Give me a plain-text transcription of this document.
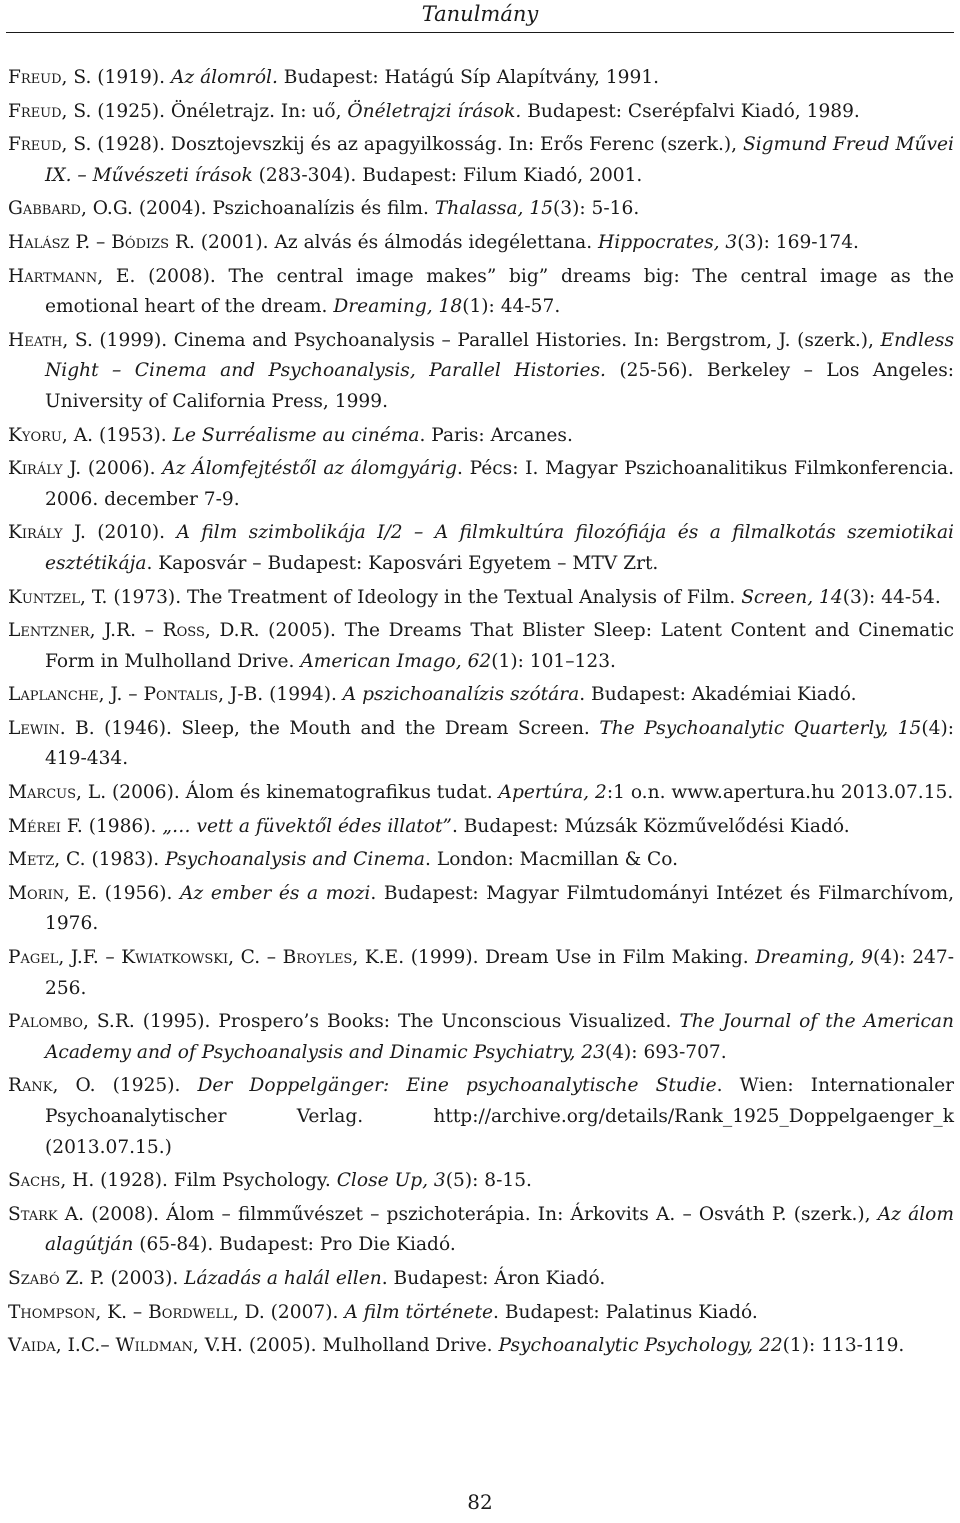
Tanulmány

Freud, S. (1919). Az álomról. Budapest: Hatágú Síp Alapítvány, 1991.

Freud, S. (1925). Önéletrajz. In: uő, Önéletrajzi írások. Budapest: Cserépfalvi Kiadó, 1989.

Freud, S. (1928). Dosztojevszkij és az apagyilkosság. In: Erős Ferenc (szerk.), Sigmund Freud Művei IX. – Művészeti írások (283-304). Budapest: Filum Kiadó, 2001.

Gabbard, O.G. (2004). Pszichoanalízis és film. Thalassa, 15(3): 5-16.

Halász P. – Bódizs R. (2001). Az alvás és álmodás idegélettana. Hippocrates, 3(3): 169-174.

Hartmann, E. (2008). The central image makes” big” dreams big: The central image as the emotional heart of the dream. Dreaming, 18(1): 44-57.

Heath, S. (1999). Cinema and Psychoanalysis – Parallel Histories. In: Bergstrom, J. (szerk.), Endless Night – Cinema and Psychoanalysis, Parallel Histories. (25-56). Berkeley – Los Angeles: University of California Press, 1999.

Kyoru, A. (1953). Le Surréalisme au cinéma. Paris: Arcanes.

Király J. (2006). Az Álomfejtéstől az álomgyárig. Pécs: I. Magyar Pszichoanalitikus Filmkonferencia. 2006. december 7-9.

Király J. (2010). A film szimbolikája I/2 – A filmkultúra filozófiája és a filmalkotás szemiotikai esztétikája. Kaposvár – Budapest: Kaposvári Egyetem – MTV Zrt.

Kuntzel, T. (1973). The Treatment of Ideology in the Textual Analysis of Film. Screen, 14(3): 44-54.

Lentzner, J.R. – Ross, D.R. (2005). The Dreams That Blister Sleep: Latent Content and Cinematic Form in Mulholland Drive. American Imago, 62(1): 101–123.

Laplanche, J. – Pontalis, J-B. (1994). A pszichoanalízis szótára. Budapest: Akadémiai Kiadó.

Lewin. B. (1946). Sleep, the Mouth and the Dream Screen. The Psychoanalytic Quarterly, 15(4): 419-434.

Marcus, L. (2006). Álom és kinematografikus tudat. Apertúra, 2:1 o.n. www.apertura.hu 2013.07.15.

Mérei F. (1986). „… vett a füvektől édes illatot”. Budapest: Múzsák Közművelődési Kiadó.

Metz, C. (1983). Psychoanalysis and Cinema. London: Macmillan & Co.

Morin, E. (1956). Az ember és a mozi. Budapest: Magyar Filmtudományi Intézet és Filmarchívom, 1976.

Pagel, J.F. – Kwiatkowski, C. – Broyles, K.E. (1999). Dream Use in Film Making. Dreaming, 9(4): 247-256.

Palombo, S.R. (1995). Prospero’s Books: The Unconscious Visualized. The Journal of the American Academy and of Psychoanalysis and Dinamic Psychiatry, 23(4): 693-707.

Rank, O. (1925). Der Doppelgänger: Eine psychoanalytische Studie. Wien: Internationaler Psychoanalytischer Verlag. http://archive.org/details/Rank_1925_Doppelgaenger_k (2013.07.15.)

Sachs, H. (1928). Film Psychology. Close Up, 3(5): 8-15.

Stark A. (2008). Álom – filmművészet – pszichoterápia. In: Árkovits A. – Osváth P. (szerk.), Az álom alagútján (65-84). Budapest: Pro Die Kiadó.

Szabó Z. P. (2003). Lázadás a halál ellen. Budapest: Áron Kiadó.

Thompson, K. – Bordwell, D. (2007). A film története. Budapest: Palatinus Kiadó.

Vaida, I.C.– Wildman, V.H. (2005). Mulholland Drive. Psychoanalytic Psychology, 22(1): 113-119.

82
